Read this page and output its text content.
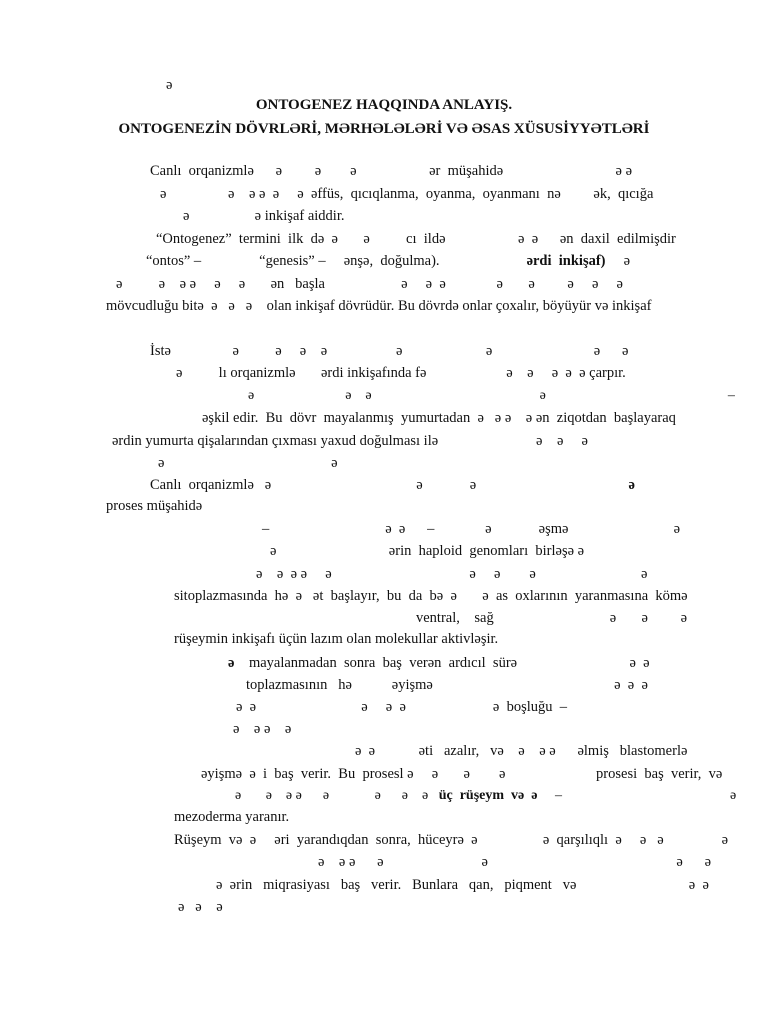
ə
ONTOGENEZ HAQQINDA ANLAYIŞ.
ONTOGENEZİN DÖVRLƏRİ, MƏRHƏLƏLƏRİ VƏ ƏSAS XÜSUSİYYƏTLƏRİ
Canlı  orqanizmlə      ə         ə        ə                    ər  müşahidə                               ə ə
ə                 ə    ə ə  ə     ə  əffüs,  qıcıqlanma,  oyanma,  oyanmanı  nə         ək,  qıcığa
ə                  ə inkişaf aiddir.
“Ontogenez”  termini  ilk  də  ə       ə          cı  ildə                    ə  ə      ən  daxil  edilmişdir
“ontos” –                “genesis” –     ənşə,  doğulma).                        ərdi  inkişaf)     ə
ə          ə    ə ə     ə     ə       ən   başla                     ə     ə  ə              ə       ə         ə     ə     ə
mövcudluğu bitə  ə   ə   ə    olan inkişaf dövrüdür. Bu dövrdə onlar çoxalır, böyüyür və inkişaf
İstə                 ə          ə     ə    ə                   ə                       ə                            ə      ə
ə          lı orqanizmlə       ərdi inkişafında fə                      ə    ə     ə  ə  ə çarpır.
ə                          ə    ə                                                ə                                                    –
əşkil edir.  Bu  dövr  mayalanmış  yumurtadan  ə   ə ə    ə ən  ziqotdan  başlayaraq
ərdin yumurta qişalarından çıxması yaxud doğulması ilə                           ə    ə     ə
ə                                              ə
Canlı  orqanizmlə   ə                                        ə             ə                                          ə
proses müşahidə
–                                ə  ə      –              ə             əşmə                             ə
ə                               ərin  haploid  genomları  birləşə ə
ə    ə  ə ə     ə                                      ə     ə        ə                             ə
sitoplazmasında  hə  ə   ət  başlayır,  bu  da  bə  ə       ə  as  oxlarının  yaranmasına  kömə
ventral,    sağ                                ə       ə         ə
rüşeymin inkişafı üçün lazım olan molekullar aktivləşir.
ə    mayalanmadan  sonra  baş  verən  ardıcıl  sürə                               ə  ə
toplazmasının   hə           əyişmə                                                  ə  ə  ə
ə  ə                             ə     ə  ə                        ə  boşluğu  –
ə    ə ə    ə
ə  ə            əti   azalır,   və    ə    ə ə      əlmiş   blastomerlə
əyişmə  ə  i  baş  verir.  Bu  prosesl ə     ə       ə        ə                         prosesi  baş  verir,  və
ə       ə    ə ə      ə             ə      ə    ə   üç  rüşeym  və  ə     –                                                ə
mezoderma yaranır.
Rüşeym  və  ə     əri  yarandıqdan  sonra,  hüceyrə  ə                  ə  qarşılıqlı  ə     ə   ə                ə
ə    ə ə      ə                           ə                                                    ə      ə
ə  ərin   miqrasiyası   baş   verir.   Bunlara   qan,   piqment   və                               ə  ə
ə   ə    ə
